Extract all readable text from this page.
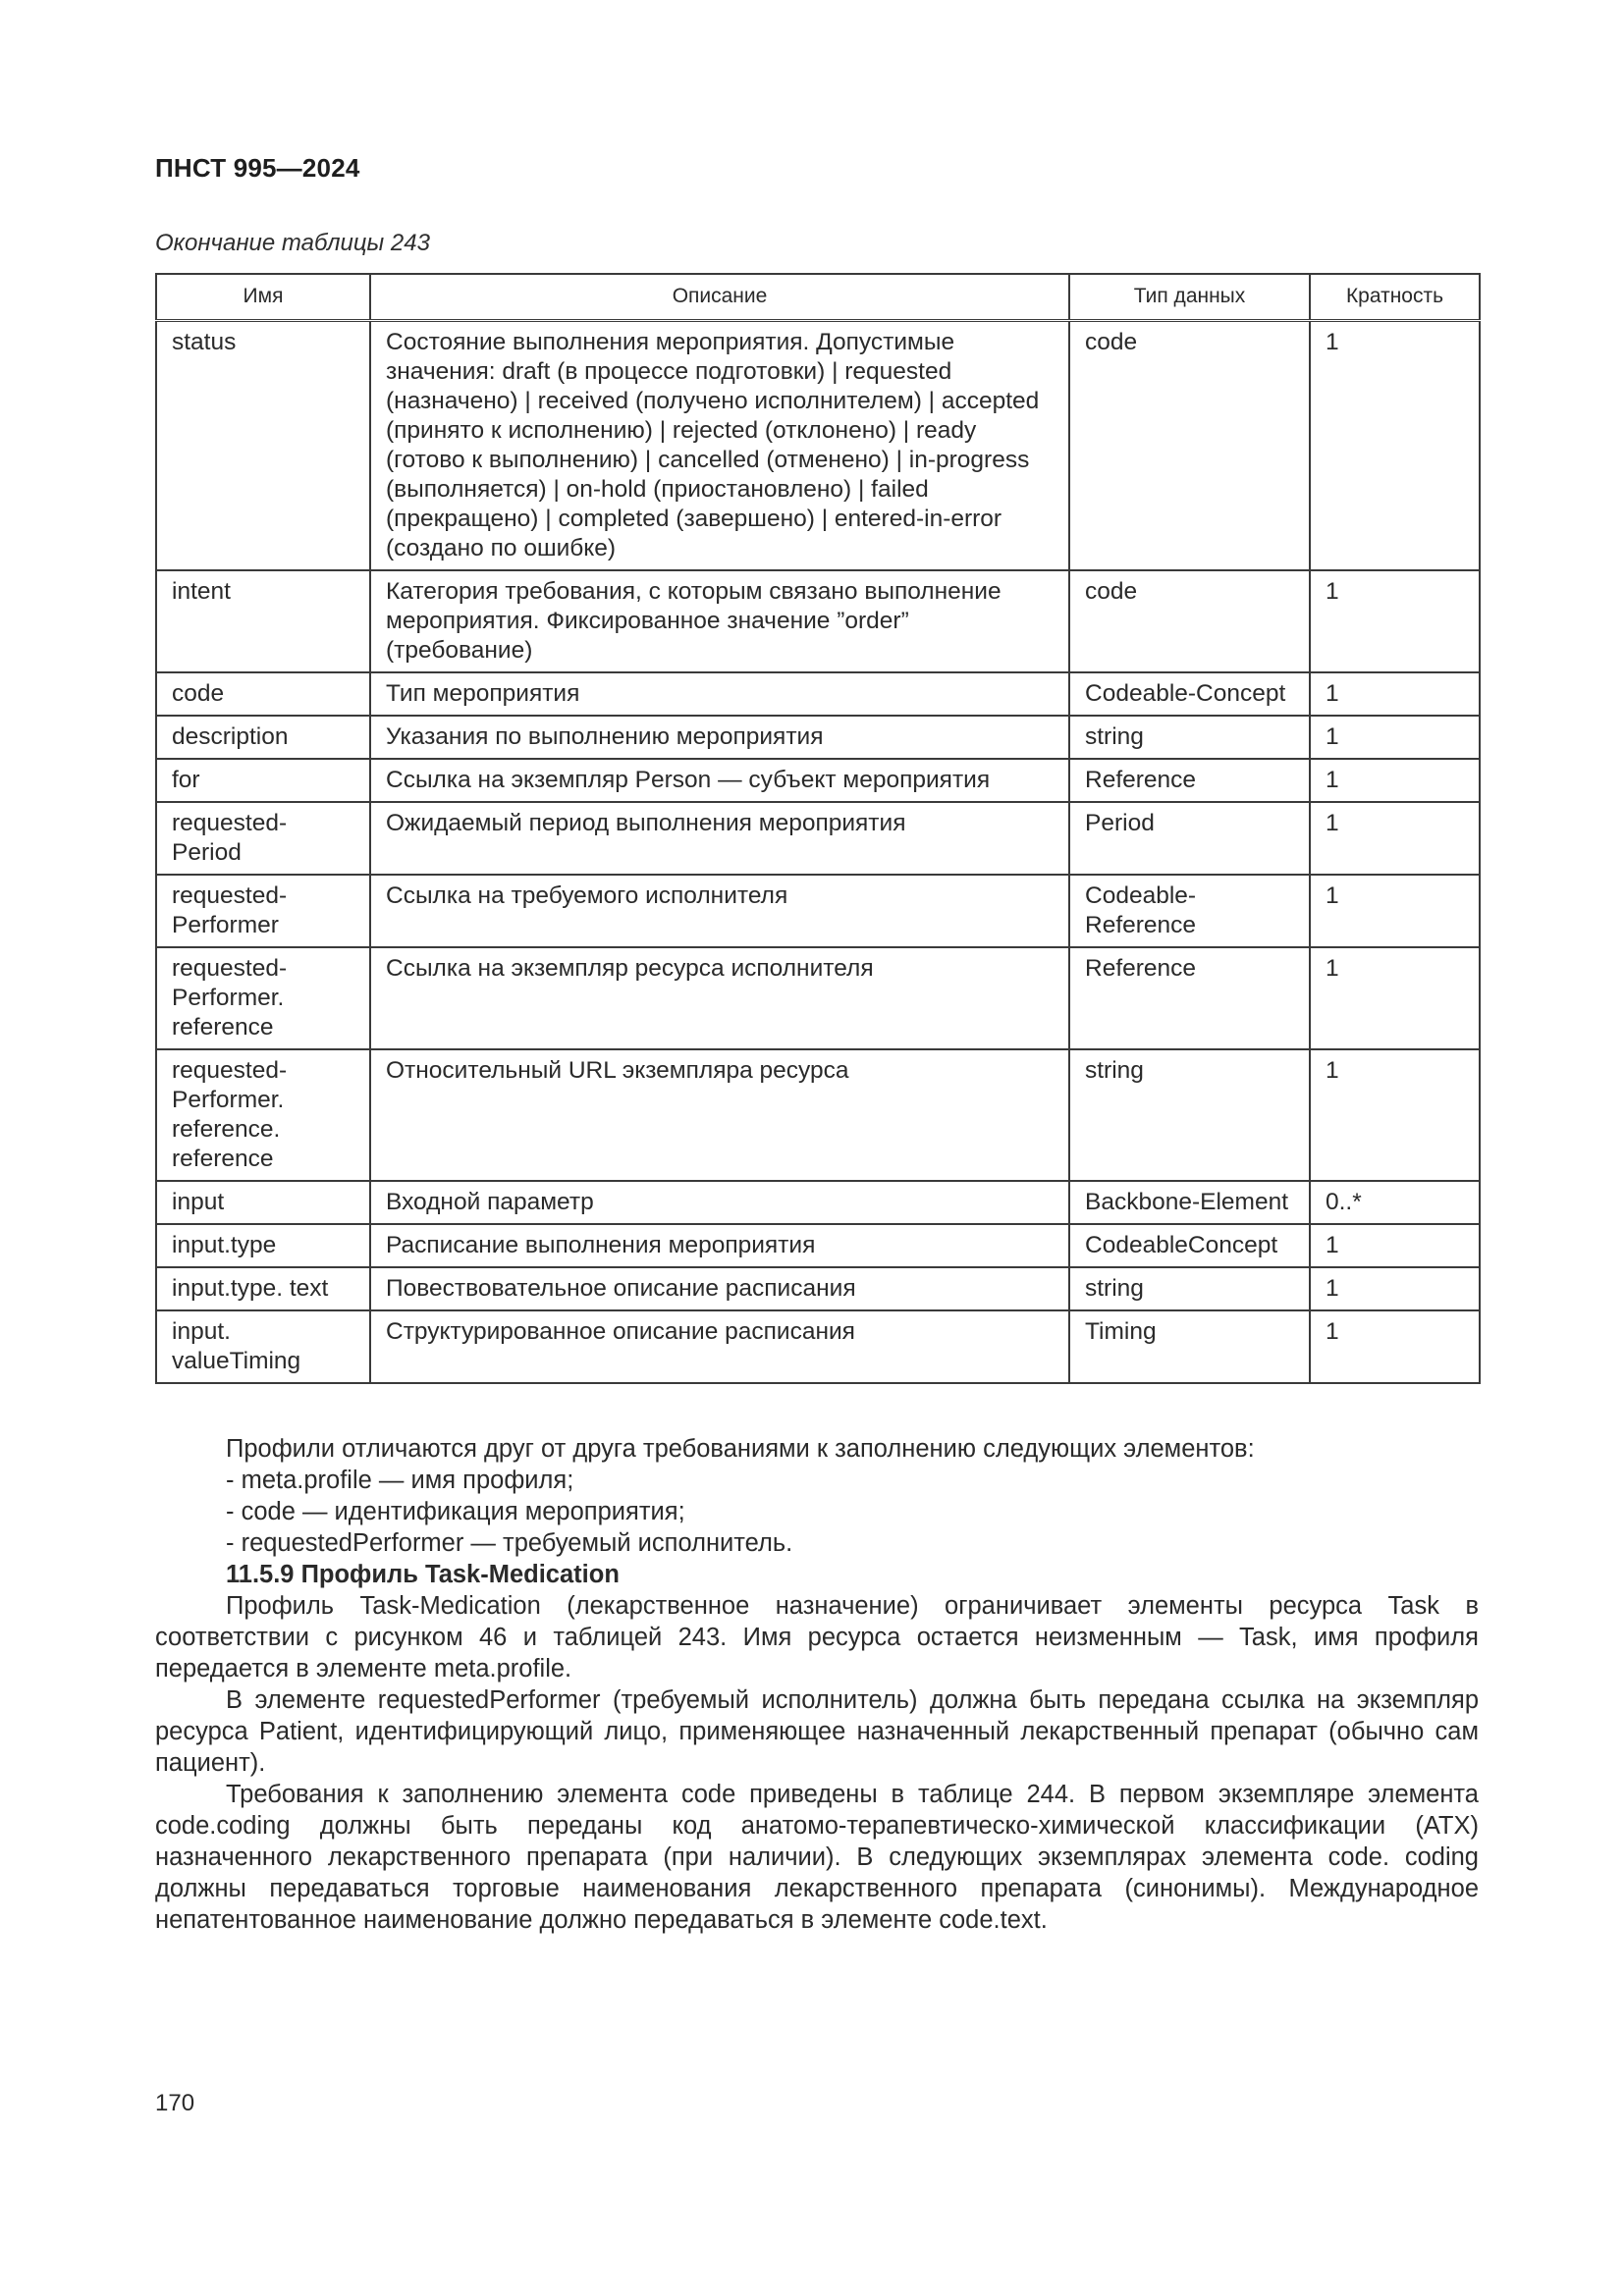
ПНСТ 995—2024
Окончание таблицы 243
Имя	Описание	Тип данных	Кратность
status	Состояние выполнения мероприятия. Допустимые значения: draft (в процессе подготовки) | requested (назначено) | received (получено исполнителем) | accepted (принято к исполнению) | rejected (отклонено) | ready (готово к выполнению) | cancelled (отменено) | in-progress (выполняется) | on-hold (приостановлено) | failed (прекращено) | completed (завершено) | entered-in-error (создано по ошибке)	code	1
intent	Категория требования, с которым связано выполнение мероприятия. Фиксированное значение ”order” (требование)	code	1
code	Тип мероприятия	Codeable-Concept	1
description	Указания по выполнению мероприятия	string	1
for	Ссылка на экземпляр Person — субъект мероприятия	Reference	1
requested-Period	Ожидаемый период выполнения мероприятия	Period	1
requested-Performer	Ссылка на требуемого исполнителя	Codeable-Reference	1
requested-Performer. reference	Ссылка на экземпляр ресурса исполнителя	Reference	1
requested-Performer. reference. reference	Относительный URL экземпляра ресурса	string	1
input	Входной параметр	Backbone-Element	0..*
input.type	Расписание выполнения мероприятия	CodeableConcept	1
input.type. text	Повествовательное описание расписания	string	1
input. valueTiming	Структурированное описание расписания	Timing	1

Профили отличаются друг от друга требованиями к заполнению следующих элементов:

- meta.profile — имя профиля;

- code — идентификация мероприятия;

- requestedPerformer — требуемый исполнитель.

11.5.9 Профиль Task-Medication

Профиль Task-Medication (лекарственное назначение) ограничивает элементы ресурса Task в соответствии с рисунком 46 и таблицей 243. Имя ресурса остается неизменным — Task, имя профиля передается в элементе meta.profile.

В элементе requestedPerformer (требуемый исполнитель) должна быть передана ссылка на экземпляр ресурса Patient, идентифицирующий лицо, применяющее назначенный лекарственный препарат (обычно сам пациент).

Требования к заполнению элемента code приведены в таблице 244. В первом экземпляре элемента code.coding должны быть переданы код анатомо-терапевтическо-химической классификации (АТХ) назначенного лекарственного препарата (при наличии). В следующих экземплярах элемента code. coding должны передаваться торговые наименования лекарственного препарата (синонимы). Международное непатентованное наименование должно передаваться в элементе code.text.

170
